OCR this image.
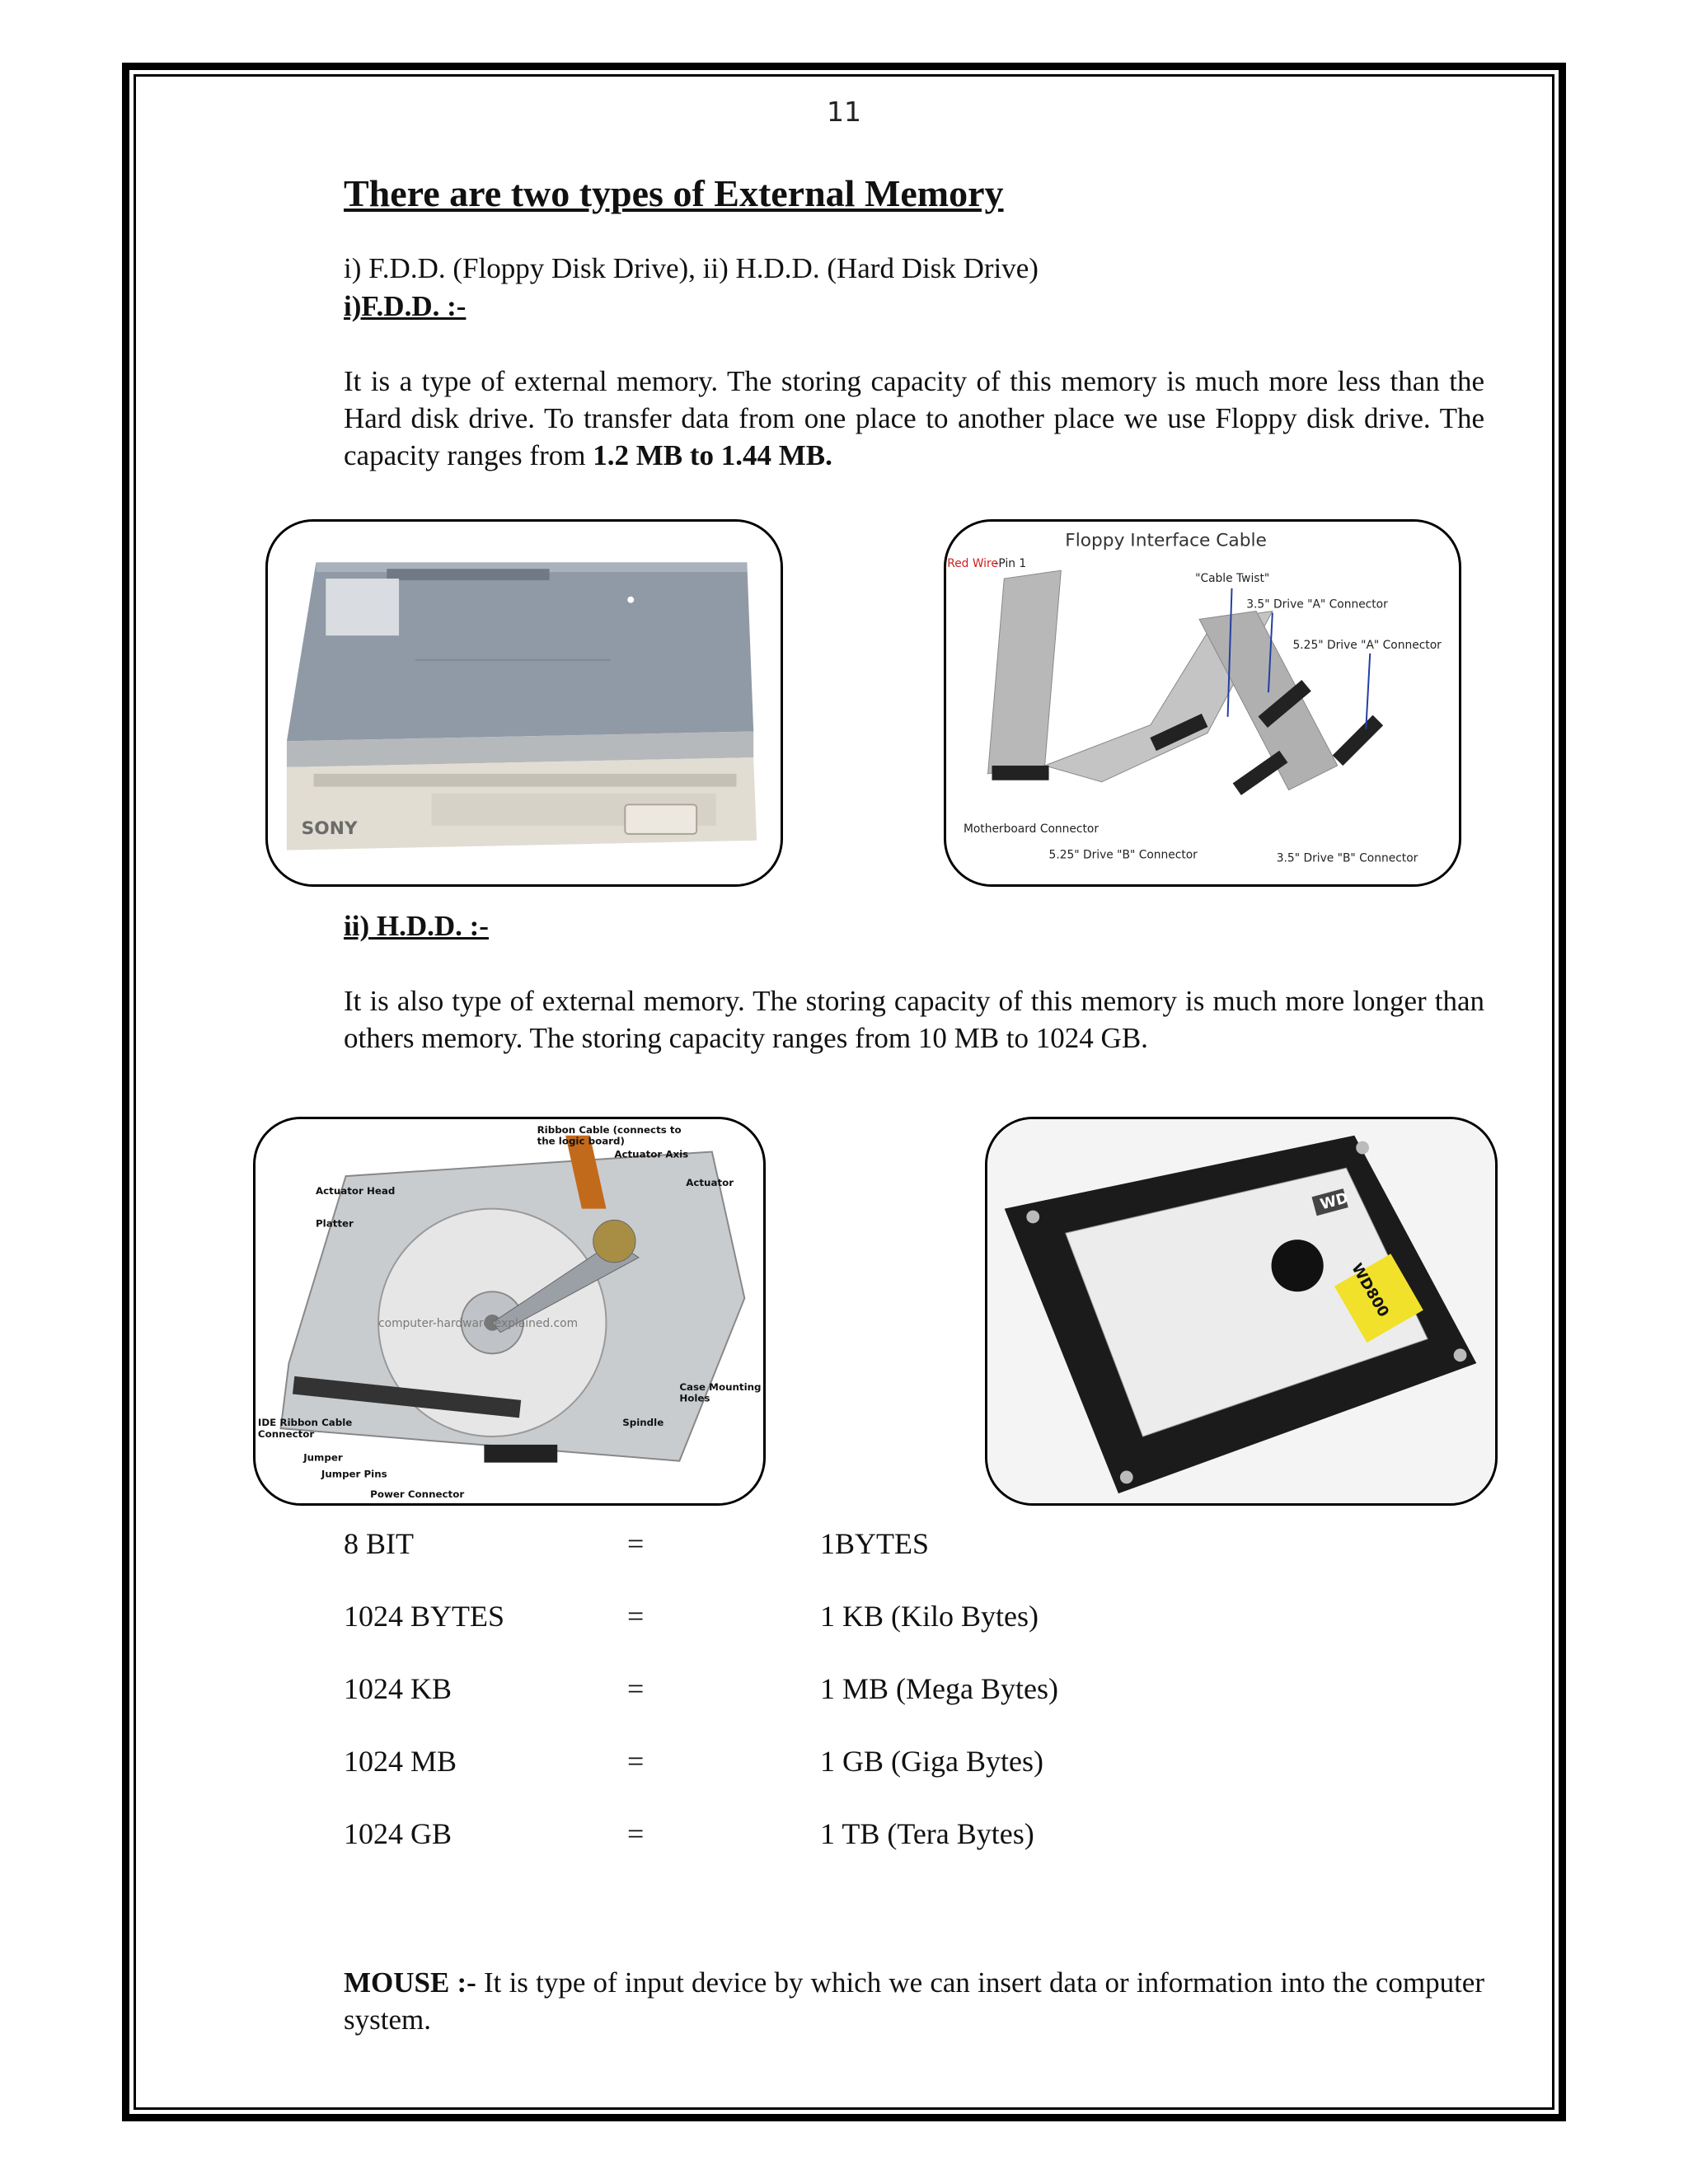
11
There are two types of External Memory

i) F.D.D. (Floppy Disk Drive), ii) H.D.D. (Hard Disk Drive)

i)F.D.D. :-

It is a type of external memory. The storing capacity of this memory is much more less than the Hard disk drive. To transfer data from one place to another place we use Floppy disk drive. The capacity ranges from 1.2 MB to 1.44 MB.

SONY
Floppy Interface Cable
Red Wire
-Pin 1
"Cable Twist"
3.5" Drive "A" Connector
5.25" Drive "A" Connector
Motherboard Connector
5.25" Drive "B" Connector	3.5" Drive "B" Connector

ii) H.D.D. :-

It is also type of external memory. The storing capacity of this memory is much more longer than others memory. The storing capacity ranges from 10 MB to 1024 GB.

computer-hardware-explained.com
Ribbon Cable (connects to
the logic board)
Actuator Axis
Actuator
Actuator Head
Platter
Case Mounting
Holes
Spindle
IDE Ribbon Cable
Connector
Jumper
Jumper Pins
Power Connector
WD
WD800
8 BIT	=	1BYTES
1024 BYTES	=	1 KB (Kilo Bytes)
1024 KB	=	1 MB (Mega Bytes)
1024 MB	=	1 GB (Giga Bytes)
1024 GB	=	1 TB (Tera Bytes)

MOUSE :- It is type of input device by which we can insert data or information into the computer system.
